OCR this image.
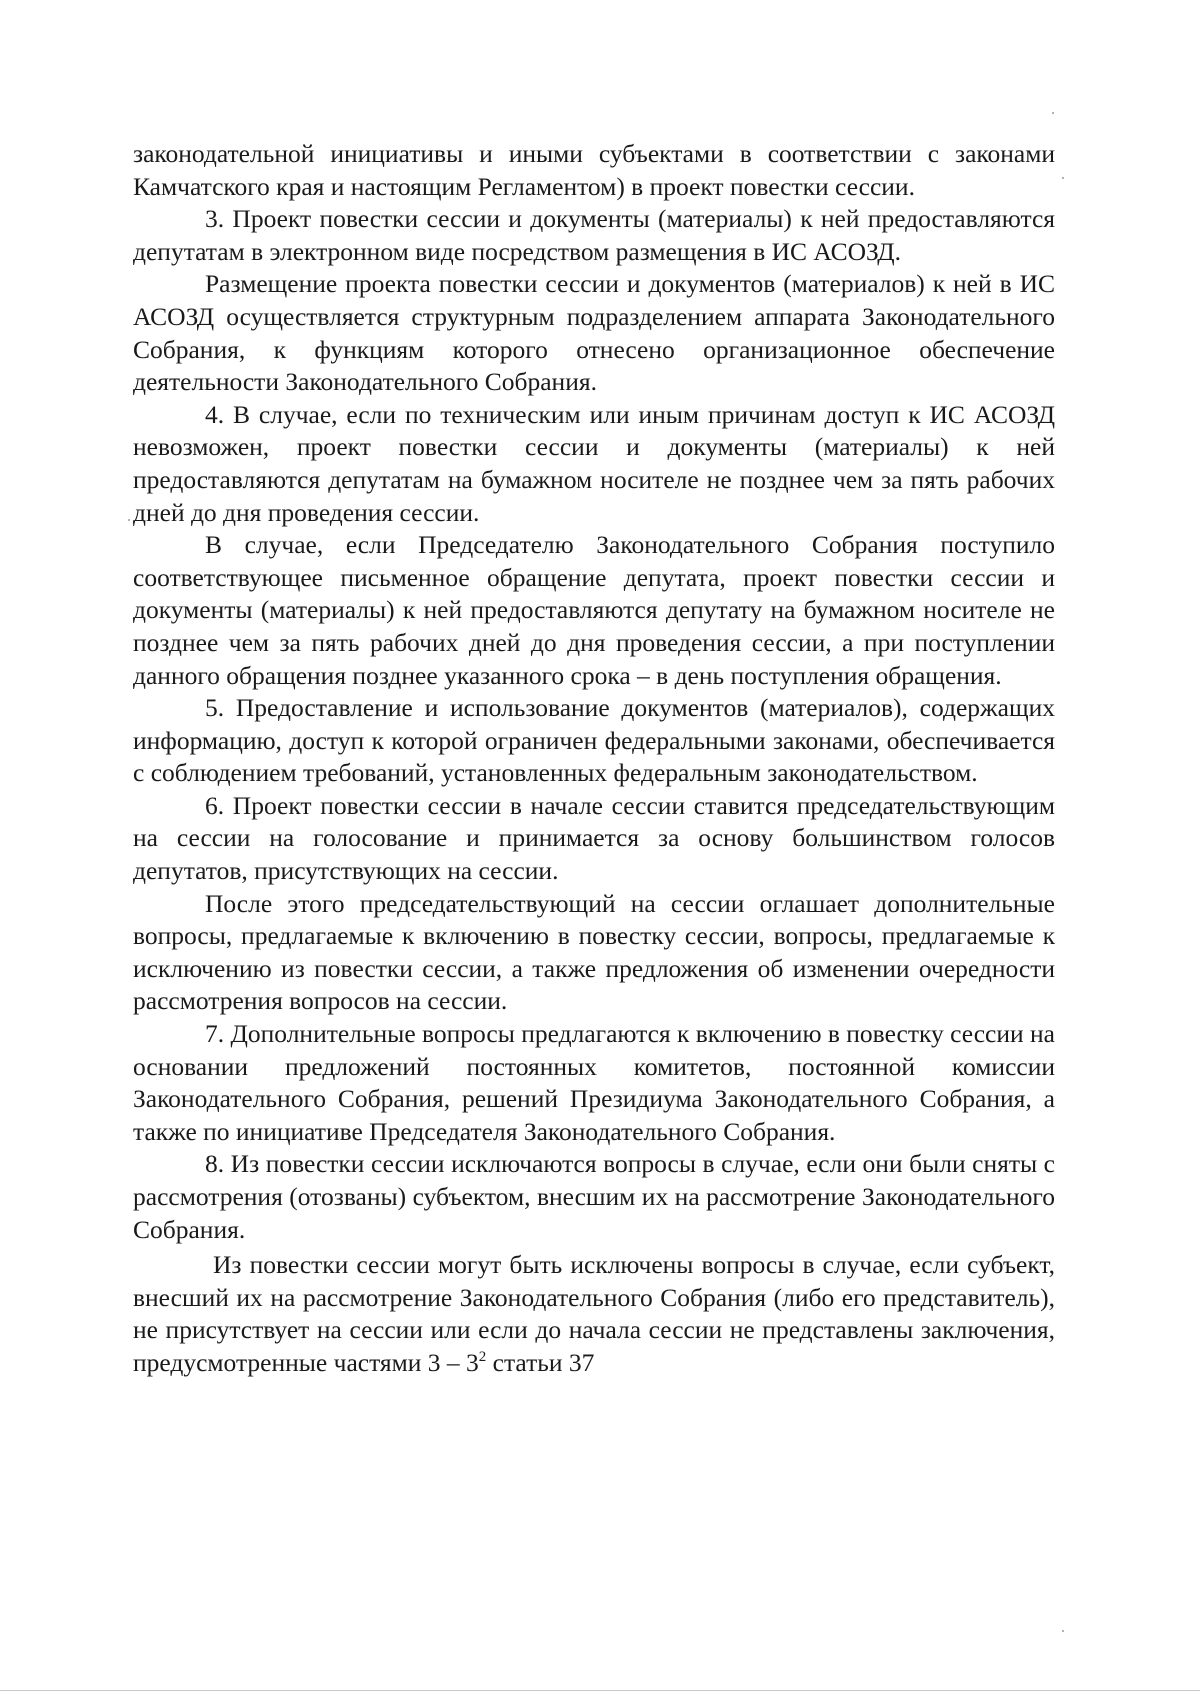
законодательной инициативы и иными субъектами в соответствии с законами Камчатского края и настоящим Регламентом) в проект повестки сессии.

3. Проект повестки сессии и документы (материалы) к ней предоставляются депутатам в электронном виде посредством размещения в ИС АСОЗД.

Размещение проекта повестки сессии и документов (материалов) к ней в ИС АСОЗД осуществляется структурным подразделением аппарата Законодательного Собрания, к функциям которого отнесено организационное обеспечение деятельности Законодательного Собрания.

4. В случае, если по техническим или иным причинам доступ к ИС АСОЗД невозможен, проект повестки сессии и документы (материалы) к ней предоставляются депутатам на бумажном носителе не позднее чем за пять рабочих дней до дня проведения сессии.

В случае, если Председателю Законодательного Собрания поступило соответствующее письменное обращение депутата, проект повестки сессии и документы (материалы) к ней предоставляются депутату на бумажном носителе не позднее чем за пять рабочих дней до дня проведения сессии, а при поступлении данного обращения позднее указанного срока – в день поступления обращения.

5. Предоставление и использование документов (материалов), содержащих информацию, доступ к которой ограничен федеральными законами, обеспечивается с соблюдением требований, установленных федеральным законодательством.

6. Проект повестки сессии в начале сессии ставится председательствующим на сессии на голосование и принимается за основу большинством голосов депутатов, присутствующих на сессии.

После этого председательствующий на сессии оглашает дополнительные вопросы, предлагаемые к включению в повестку сессии, вопросы, предлагаемые к исключению из повестки сессии, а также предложения об изменении очередности рассмотрения вопросов на сессии.

7. Дополнительные вопросы предлагаются к включению в повестку сессии на основании предложений постоянных комитетов, постоянной комиссии Законодательного Собрания, решений Президиума Законодательного Собрания, а также по инициативе Председателя Законодательного Собрания.

8. Из повестки сессии исключаются вопросы в случае, если они были сняты с рассмотрения (отозваны) субъектом, внесшим их на рассмотрение Законодательного Собрания.

Из повестки сессии могут быть исключены вопросы в случае, если субъект, внесший их на рассмотрение Законодательного Собрания (либо его представитель), не присутствует на сессии или если до начала сессии не представлены заключения, предусмотренные частями $3 - 3^2$ статьи 37
